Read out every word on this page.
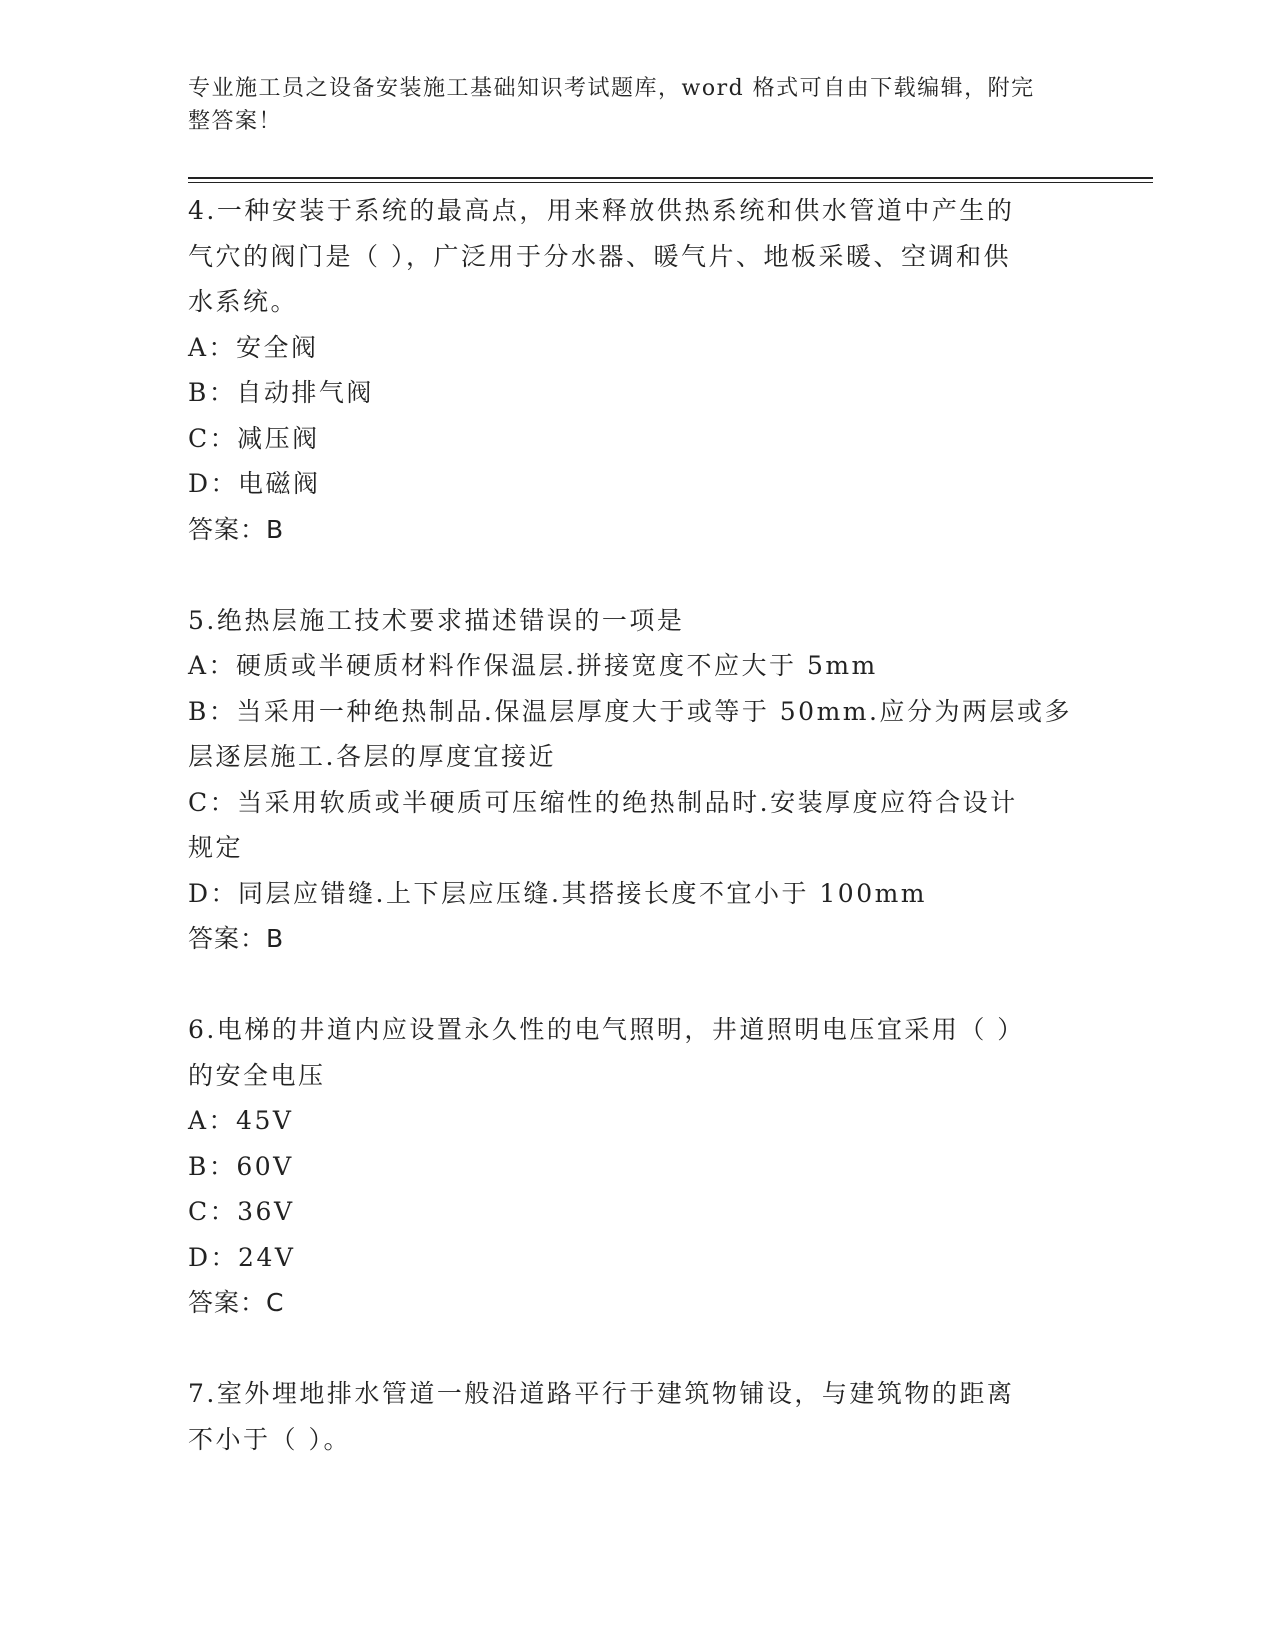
专业施工员之设备安装施工基础知识考试题库，word 格式可自由下载编辑，附完
整答案！
4.一种安装于系统的最高点，用来释放供热系统和供水管道中产生的
气穴的阀门是（ ），广泛用于分水器、暖气片、地板采暖、空调和供
水系统。
A：安全阀
B：自动排气阀
C：减压阀
D：电磁阀
答案：B
5.绝热层施工技术要求描述错误的一项是
A：硬质或半硬质材料作保温层.拼接宽度不应大于 5mm
B：当采用一种绝热制品.保温层厚度大于或等于 50mm.应分为两层或多
层逐层施工.各层的厚度宜接近
C：当采用软质或半硬质可压缩性的绝热制品时.安装厚度应符合设计
规定
D：同层应错缝.上下层应压缝.其搭接长度不宜小于 100mm
答案：B
6.电梯的井道内应设置永久性的电气照明，井道照明电压宜采用（ ）
的安全电压
A：45V
B：60V
C：36V
D：24V
答案：C
7.室外埋地排水管道一般沿道路平行于建筑物铺设，与建筑物的距离
不小于（ ）。
